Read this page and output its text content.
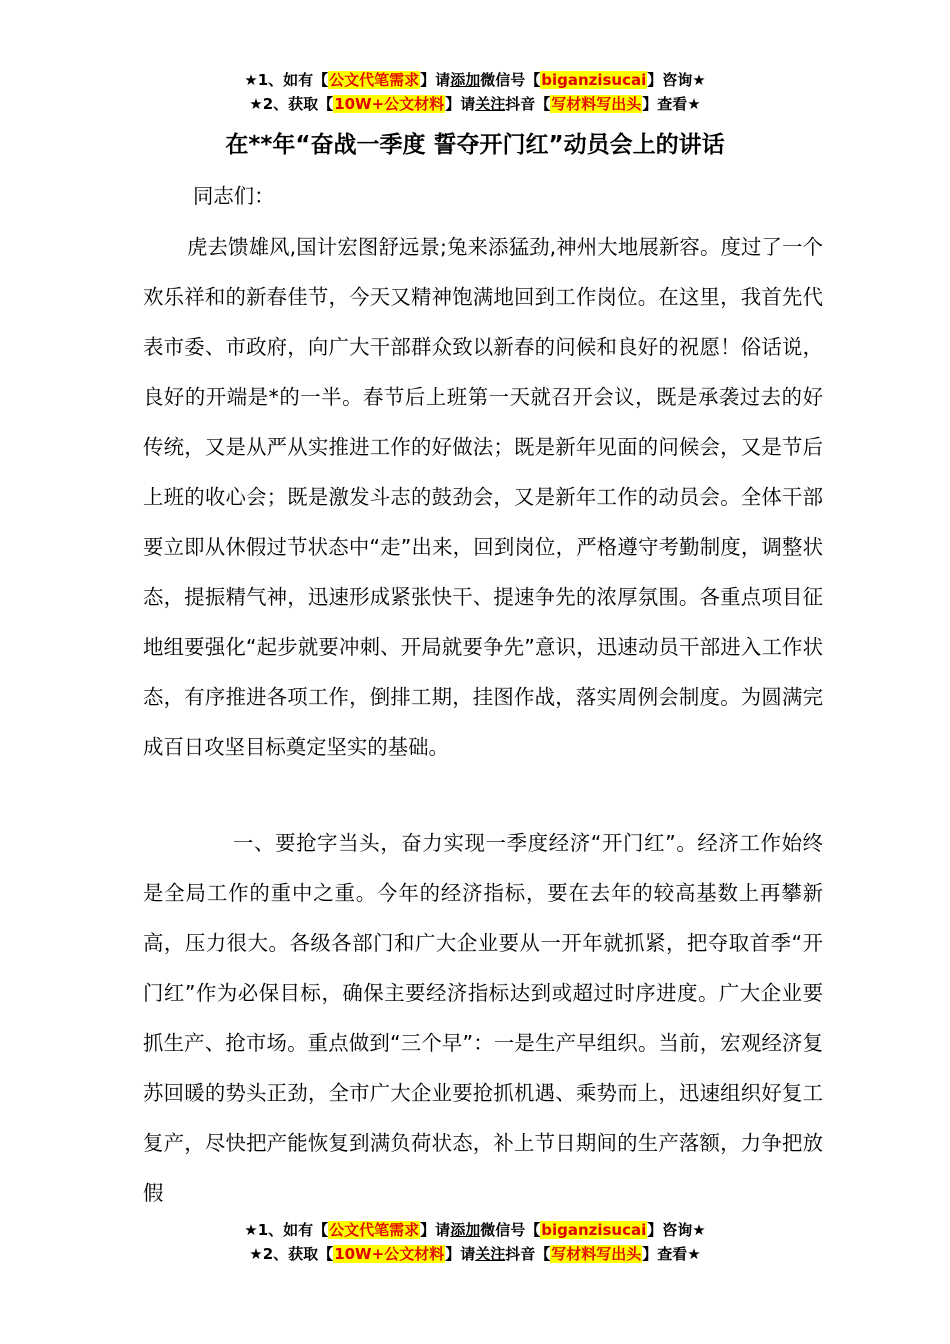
★1、如有【公文代笔需求】请添加微信号【biganzisucai】咨询★
★2、获取【10W+公文材料】请关注抖音【写材料写出头】查看★
在**年“奋战一季度 誓夺开门红”动员会上的讲话

同志们：

虎去馈雄风,国计宏图舒远景;兔来添猛劲,神州大地展新容。度过了一个欢乐祥和的新春佳节，今天又精神饱满地回到工作岗位。在这里，我首先代表市委、市政府，向广大干部群众致以新春的问候和良好的祝愿！俗话说，良好的开端是*的一半。春节后上班第一天就召开会议，既是承袭过去的好传统，又是从严从实推进工作的好做法；既是新年见面的问候会，又是节后上班的收心会；既是激发斗志的鼓劲会，又是新年工作的动员会。全体干部要立即从休假过节状态中“走”出来，回到岗位，严格遵守考勤制度，调整状态，提振精气神，迅速形成紧张快干、提速争先的浓厚氛围。各重点项目征地组要强化“起步就要冲刺、开局就要争先”意识，迅速动员干部进入工作状态，有序推进各项工作，倒排工期，挂图作战，落实周例会制度。为圆满完成百日攻坚目标奠定坚实的基础。

一、要抢字当头，奋力实现一季度经济“开门红”。经济工作始终是全局工作的重中之重。今年的经济指标，要在去年的较高基数上再攀新高，压力很大。各级各部门和广大企业要从一开年就抓紧，把夺取首季“开门红”作为必保目标，确保主要经济指标达到或超过时序进度。广大企业要抓生产、抢市场。重点做到“三个早”：一是生产早组织。当前，宏观经济复苏回暖的势头正劲，全市广大企业要抢抓机遇、乘势而上，迅速组织好复工复产，尽快把产能恢复到满负荷状态，补上节日期间的生产落额，力争把放假

★1、如有【公文代笔需求】请添加微信号【biganzisucai】咨询★
★2、获取【10W+公文材料】请关注抖音【写材料写出头】查看★
